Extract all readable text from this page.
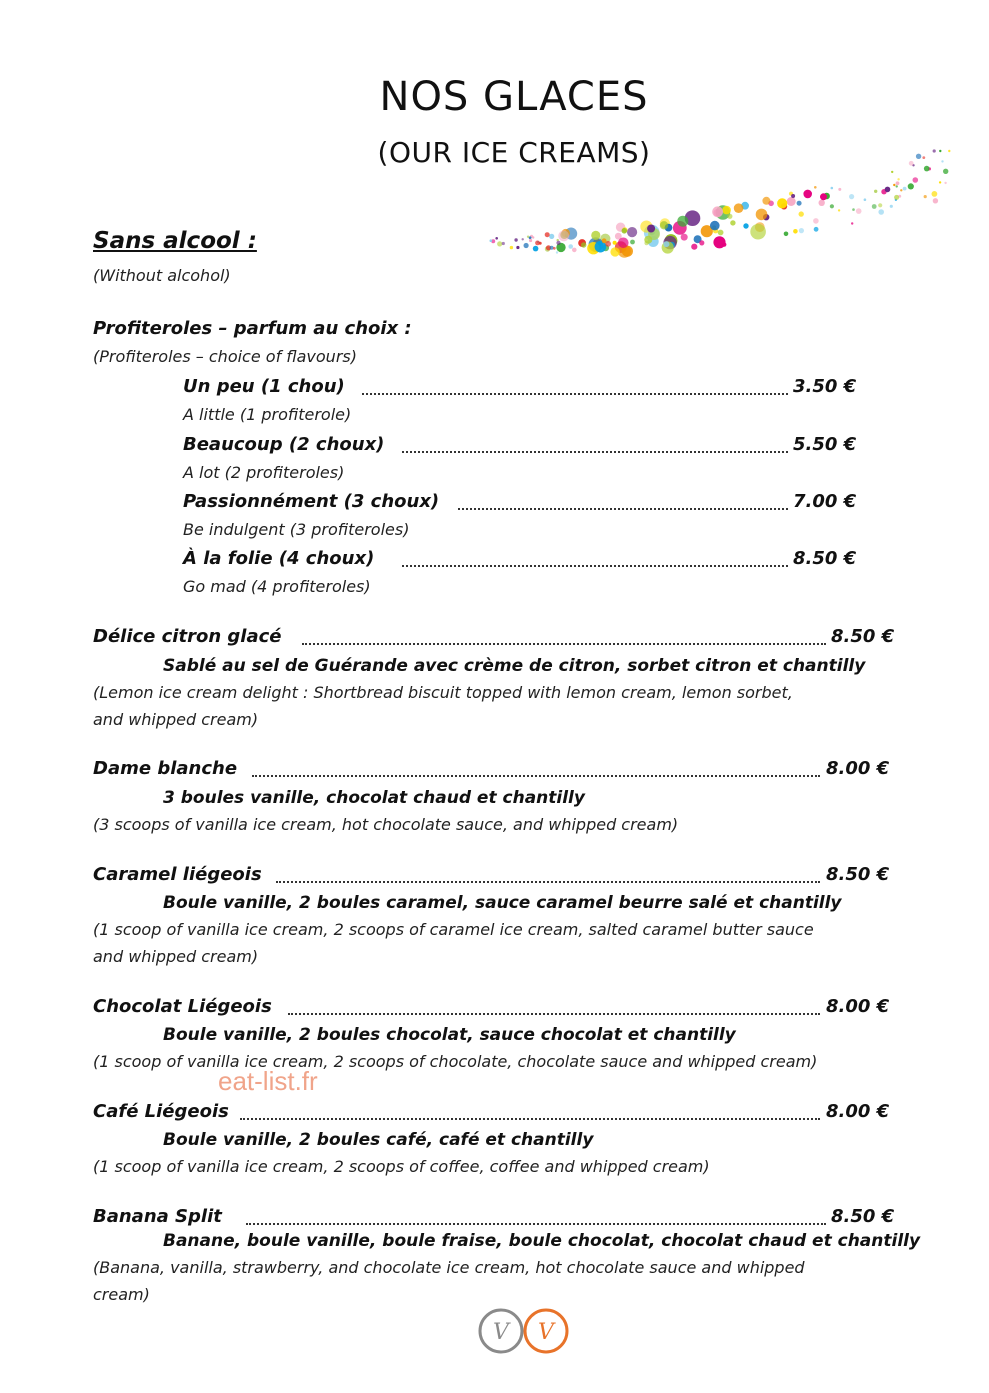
NOS GLACES
(OUR ICE CREAMS)
Sans alcool :
(Without alcohol)
Profiteroles – parfum au choix :
(Profiteroles – choice of flavours)
Un peu (1 chou)	3.50 €
A little (1 profiterole)
Beaucoup (2 choux)	5.50 €
A lot (2 profiteroles)
Passionnément (3 choux)	7.00 €
Be indulgent (3 profiteroles)
À la folie (4 choux)	8.50 €
Go mad (4 profiteroles)
Délice citron glacé	8.50 €
Sablé au sel de Guérande avec crème de citron, sorbet citron et chantilly
(Lemon ice cream delight : Shortbread biscuit topped with lemon cream, lemon sorbet,
and whipped cream)
Dame blanche	8.00 €
3 boules vanille, chocolat chaud et chantilly
(3 scoops of vanilla ice cream, hot chocolate sauce, and whipped cream)
Caramel liégeois	8.50 €
Boule vanille, 2 boules caramel, sauce caramel beurre salé et chantilly
(1 scoop of vanilla ice cream, 2 scoops of caramel ice cream, salted caramel butter sauce
and whipped cream)
Chocolat Liégeois	8.00 €
Boule vanille, 2 boules chocolat, sauce chocolat et chantilly
(1 scoop of vanilla ice cream, 2 scoops of chocolate, chocolate sauce and whipped cream)
Café Liégeois	8.00 €
Boule vanille, 2 boules café, café et chantilly
(1 scoop of vanilla ice cream, 2 scoops of coffee, coffee and whipped cream)
Banana Split	8.50 €
Banane, boule vanille, boule fraise, boule chocolat, chocolat chaud et chantilly
(Banana, vanilla, strawberry, and chocolate ice cream, hot chocolate sauce and whipped
cream)
eat-list.fr
V V
